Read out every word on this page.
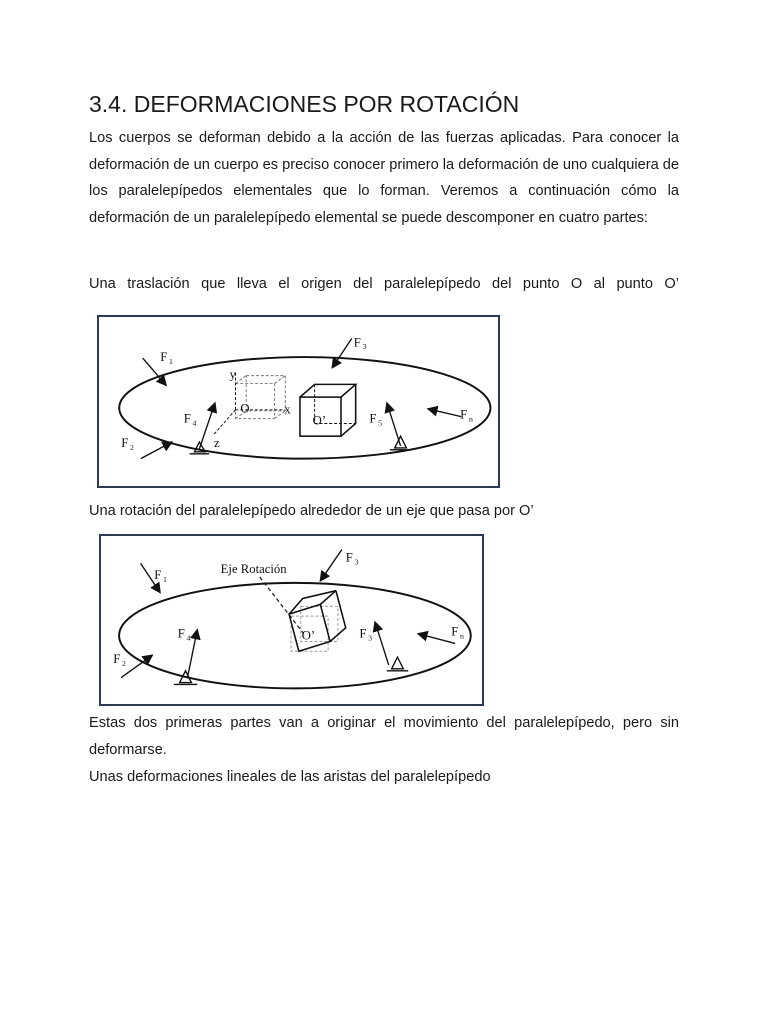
3.4. DEFORMACIONES POR ROTACIÓN

Los cuerpos se deforman debido a la acción de las fuerzas aplicadas. Para conocer la deformación de un cuerpo es preciso conocer primero la deformación de uno cualquiera de los paralelepípedos elementales que lo forman. Veremos a continuación cómo la deformación de un paralelepípedo elemental se puede descomponer en cuatro partes:

Una traslación que lleva el origen del paralelepípedo del punto O al punto O’

F 1
F 2
F 3
F 4	F 5
F n
y
x
z
O
O’

Una rotación del paralelepípedo alrededor de un eje que pasa por O’

Eje Rotación
F 1
F 2
F 3
F 4	F 3	F n
O’

Estas dos primeras partes van a originar el movimiento del paralelepípedo, pero sin deformarse.

Unas deformaciones lineales de las aristas del paralelepípedo
